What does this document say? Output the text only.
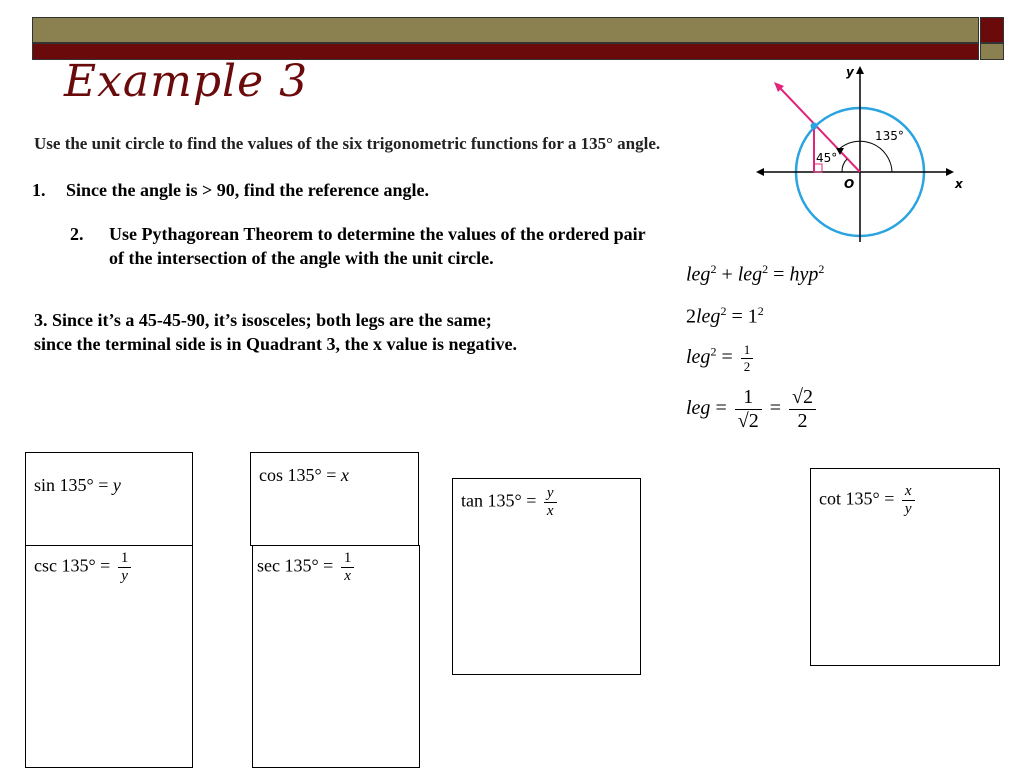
Example 3
Use the unit circle to find the values of the six trigonometric functions for a 135° angle.
1. Since the angle is > 90, find the reference angle.
2. Use Pythagorean Theorem to determine the values of the ordered pair of the intersection of the angle with the unit circle.
3. Since it’s a 45-45-90, it’s isosceles; both legs are the same; since the terminal side is in Quadrant 3, the x value is negative.
y
x
O
135°
45°
leg$^2$ + leg$^2$ = hyp$^2$
$2leg^2 = 1^2$
$leg^2 = \frac{1}{2}$
leg = $\frac{1}{√2} = \frac{√2}{2}$
sin 135° = y	cos 135° = x
$\tan 135^\circ = \frac{y}{x}$	$\cot 135^\circ = \frac{x}{y}$
$\csc 135^\circ = \frac{1}{y}$	$\sec 135^\circ = \frac{1}{x}$
